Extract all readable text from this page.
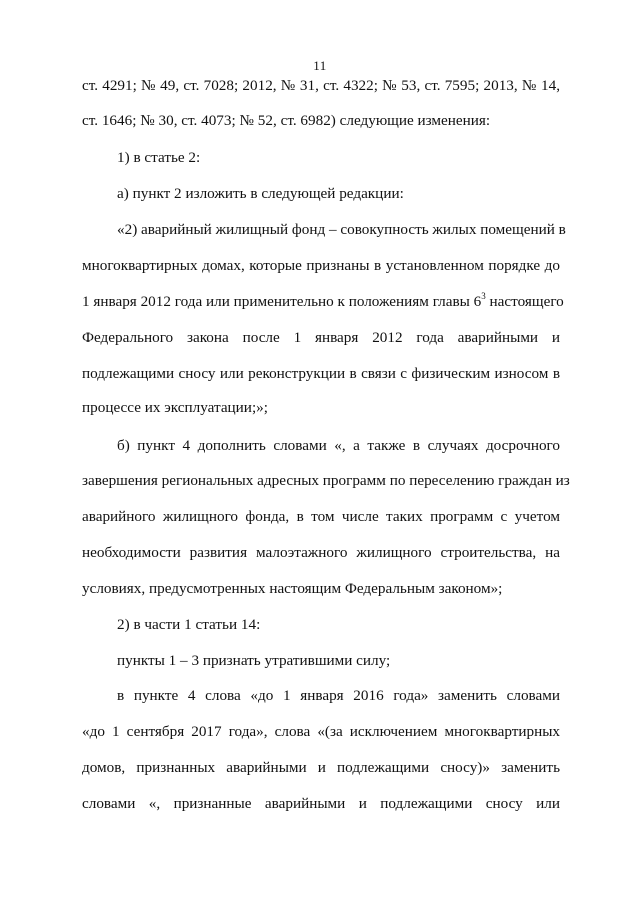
11
ст. 4291; № 49, ст. 7028; 2012, № 31, ст. 4322; № 53, ст. 7595; 2013, № 14,
ст. 1646; № 30, ст. 4073; № 52, ст. 6982) следующие изменения:
1) в статье 2:
а) пункт 2 изложить в следующей редакции:
«2) аварийный жилищный фонд – совокупность жилых помещений в
многоквартирных домах, которые признаны в установленном порядке до
1 января 2012 года или применительно к положениям главы $6^3$ настоящего
Федерального закона после 1 января 2012 года аварийными и
подлежащими сносу или реконструкции в связи с физическим износом в
процессе их эксплуатации;»;
б) пункт 4 дополнить словами «, а также в случаях досрочного
завершения региональных адресных программ по переселению граждан из
аварийного жилищного фонда, в том числе таких программ с учетом
необходимости развития малоэтажного жилищного строительства, на
условиях, предусмотренных настоящим Федеральным законом»;
2) в части 1 статьи 14:
пункты 1 – 3 признать утратившими силу;
в пункте 4 слова «до 1 января 2016 года» заменить словами
«до 1 сентября 2017 года», слова «(за исключением многоквартирных
домов, признанных аварийными и подлежащими сносу)» заменить
словами «, признанные аварийными и подлежащими сносу или
